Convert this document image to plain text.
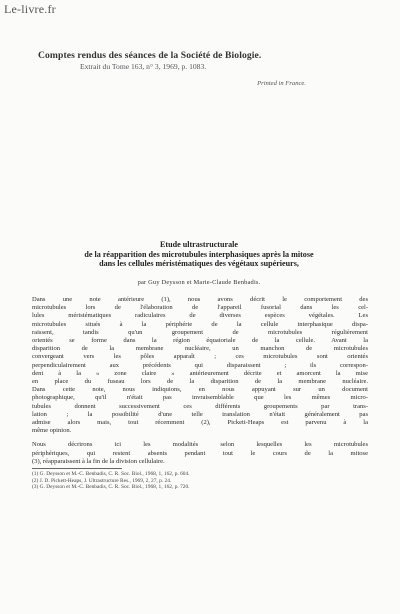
Le-livre.fr
Comptes rendus des séances de la Société de Biologie.
Extrait du Tome 163, n° 3, 1969, p. 1083.
Printed in France.
Etude ultrastructurale
de la réapparition des microtubules interphasiques après la mitose
dans les cellules méristématiques des végétaux supérieurs,
par Guy Deysson et Marie-Claude Benbadis.
Dans une note antérieure (1), nous avons décrit le comportement des
microtubules lors de l'élaboration de l'appareil fusorial dans les cel-
lules méristématiques radiculaires de diverses espèces végétales. Les
microtubules situés à la périphérie de la cellule interphasique dispa-
raissent, tandis qu'un groupement de microtubules régulièrement
orientés se forme dans la région équatoriale de la cellule. Avant la
disparition de la membrane nucléaire, un manchon de microtubules
convergeant vers les pôles apparaît ; ces microtubules sont orientés
perpendiculairement aux précédents qui disparaissent ; ils correspon-
dent à la « zone claire » antérieurement décrite et amorcent la mise
en place du fuseau lors de la disparition de la membrane nucléaire.
Dans cette note, nous indiquions, en nous appuyant sur un document
photographique, qu'il n'était pas invraisemblable que les mêmes micro-
tubules donnent successivement ces différents groupements par trans-
lation ; la possibilité d'une telle translation n'était généralement pas
admise alors mais, tout récemment (2), Pickett-Heaps est parvenu à la
même opinion.
Nous décrirons ici les modalités selon lesquelles les microtubules
périphériques, qui restent absents pendant tout le cours de la mitose
(3), réapparaissent à la fin de la division cellulaire.
(1) G. Deysson et M.-C. Benbadis, C. R. Soc. Biol., 1968, 1, 162, p. 604.
(2) J. D. Pickett-Heaps, J. Ultrastructure Res., 1969, 2, 27, p. 24.
(3) G. Deysson et M.-C. Benbadis, C. R. Soc. Biol., 1968, 1, 162, p. 720.
